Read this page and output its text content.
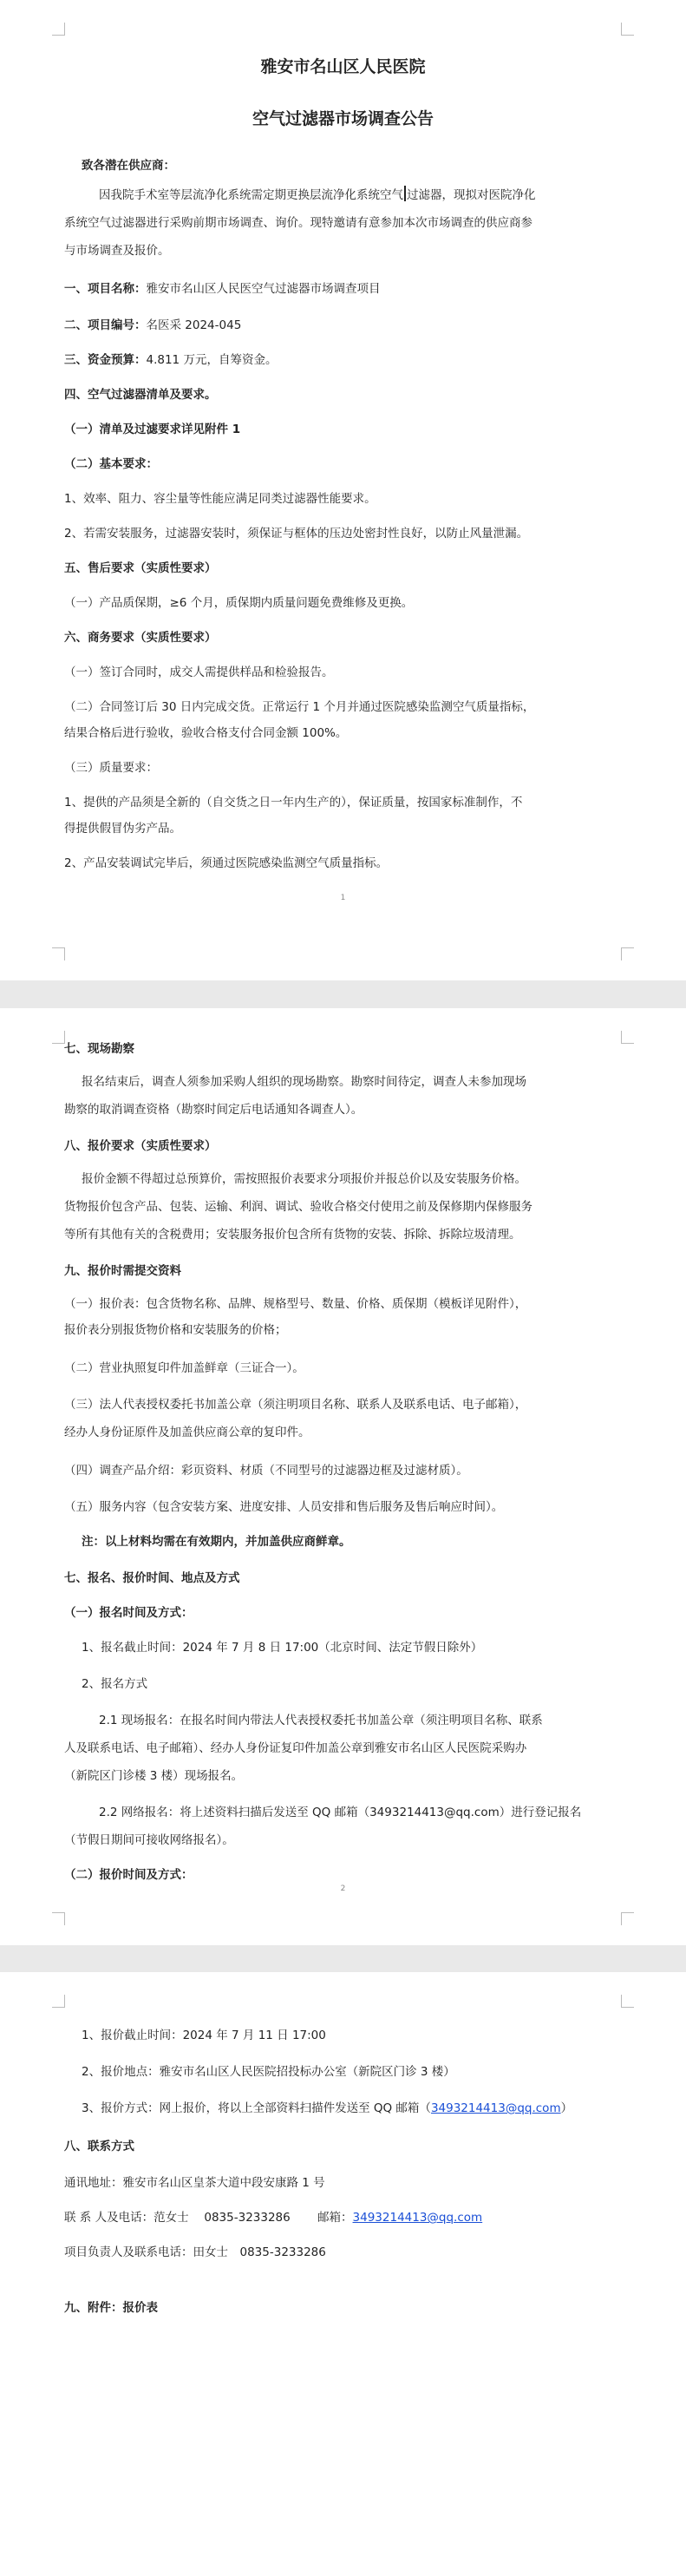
雅安市名山区人民医院
空气过滤器市场调查公告
致各潜在供应商：
因我院手术室等层流净化系统需定期更换层流净化系统空气 过滤器，现拟对医院净化
系统空气过滤器进行采购前期市场调查、询价。现特邀请有意参加本次市场调查的供应商参
与市场调查及报价。
一、项目名称：雅安市名山区人民医空气过滤器市场调查项目
二、项目编号：名医采 2024-045
三、资金预算：4.811 万元，自筹资金。
四、空气过滤器清单及要求。
（一）清单及过滤要求详见附件 1
（二）基本要求：
1、效率、阻力、容尘量等性能应满足同类过滤器性能要求。
2、若需安装服务，过滤器安装时，须保证与框体的压边处密封性良好，以防止风量泄漏。
五、售后要求（实质性要求）
（一）产品质保期，≥6 个月，质保期内质量问题免费维修及更换。
六、商务要求（实质性要求）
（一）签订合同时，成交人需提供样品和检验报告。
（二）合同签订后 30 日内完成交货。正常运行 1 个月并通过医院感染监测空气质量指标，
结果合格后进行验收，验收合格支付合同金额 100%。
（三）质量要求：
1、提供的产品须是全新的（自交货之日一年内生产的），保证质量，按国家标准制作，不
得提供假冒伪劣产品。
2、产品安装调试完毕后，须通过医院感染监测空气质量指标。
1
七、现场勘察
报名结束后，调查人须参加采购人组织的现场勘察。勘察时间待定，调查人未参加现场
勘察的取消调查资格（勘察时间定后电话通知各调查人）。
八、报价要求（实质性要求）
报价金额不得超过总预算价，需按照报价表要求分项报价并报总价以及安装服务价格。
货物报价包含产品、包装、运输、利润、调试、验收合格交付使用之前及保修期内保修服务
等所有其他有关的含税费用；安装服务报价包含所有货物的安装、拆除、拆除垃圾清理。
九、报价时需提交资料
（一）报价表：包含货物名称、品牌、规格型号、数量、价格、质保期（模板详见附件），
报价表分别报货物价格和安装服务的价格；
（二）营业执照复印件加盖鲜章（三证合一）。
（三）法人代表授权委托书加盖公章（须注明项目名称、联系人及联系电话、电子邮箱），
经办人身份证原件及加盖供应商公章的复印件。
（四）调查产品介绍：彩页资料、材质（不同型号的过滤器边框及过滤材质）。
（五）服务内容（包含安装方案、进度安排、人员安排和售后服务及售后响应时间）。
注：以上材料均需在有效期内，并加盖供应商鲜章。
七、报名、报价时间、地点及方式
（一）报名时间及方式：
1、报名截止时间：2024 年 7 月 8 日 17:00（北京时间、法定节假日除外）
2、报名方式
2.1 现场报名：在报名时间内带法人代表授权委托书加盖公章（须注明项目名称、联系
人及联系电话、电子邮箱）、经办人身份证复印件加盖公章到雅安市名山区人民医院采购办
（新院区门诊楼 3 楼）现场报名。
2.2 网络报名：将上述资料扫描后发送至 QQ 邮箱（3493214413@qq.com）进行登记报名
（节假日期间可接收网络报名）。
（二）报价时间及方式：
2
1、报价截止时间：2024 年 7 月 11 日 17:00
2、报价地点：雅安市名山区人民医院招投标办公室（新院区门诊 3 楼）
3、报价方式：网上报价，将以上全部资料扫描件发送至 QQ 邮箱（3493214413@qq.com）
八、联系方式
通讯地址：雅安市名山区皇茶大道中段安康路 1 号
联 系 人及电话：范女士　 0835-3233286　　 邮箱：3493214413@qq.com
项目负责人及联系电话：田女士　0835-3233286
九、附件：报价表
